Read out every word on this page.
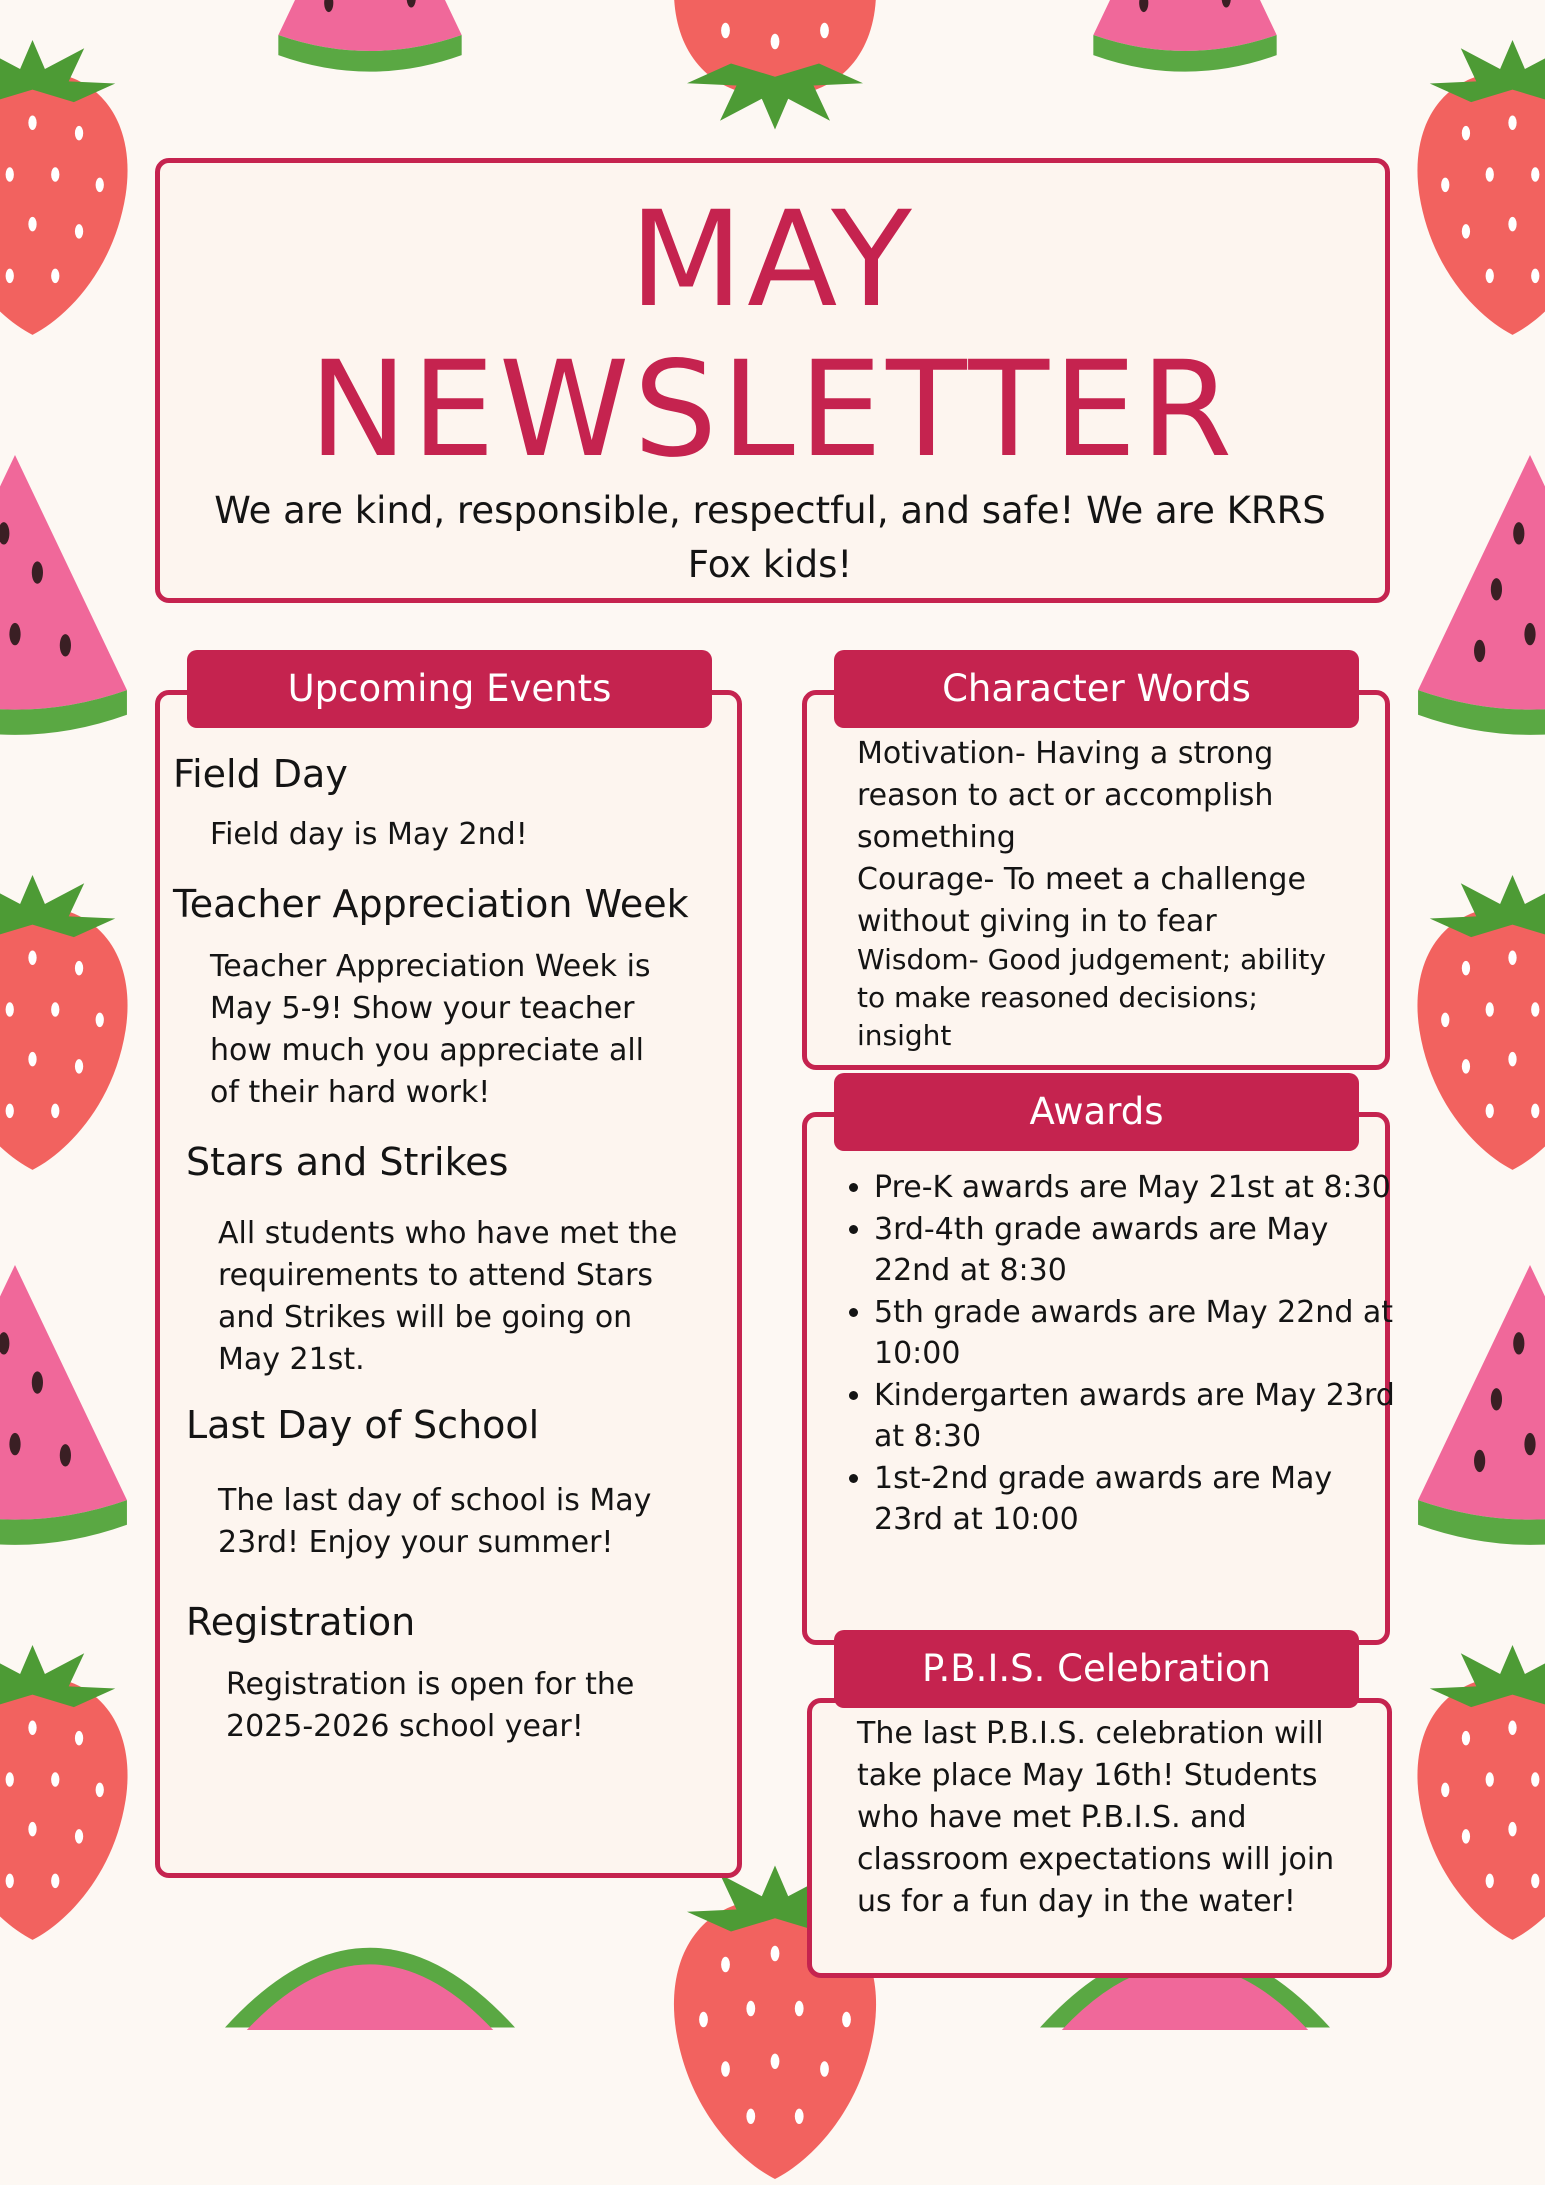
MAY
NEWSLETTER

We are kind, responsible, respectful, and safe! We are KRRS Fox kids!

Upcoming Events
Field Day

Field day is May 2nd!

Teacher Appreciation Week

Teacher Appreciation Week is May 5-9! Show your teacher how much you appreciate all of their hard work!

Stars and Strikes

All students who have met the requirements to attend Stars and Strikes will be going on May 21st.

Last Day of School

The last day of school is May 23rd! Enjoy your summer!

Registration

Registration is open for the 2025-2026 school year!

Character Words

Motivation- Having a strong reason to act or accomplish something

Courage- To meet a challenge without giving in to fear

Wisdom- Good judgement; ability to make reasoned decisions; insight

Awards
• Pre-K awards are May 21st at 8:30
• 3rd-4th grade awards are May 22nd at 8:30
• 5th grade awards are May 22nd at 10:00
• Kindergarten awards are May 23rd at 8:30
• 1st-2nd grade awards are May 23rd at 10:00
P.B.I.S. Celebration

The last P.B.I.S. celebration will take place May 16th! Students who have met P.B.I.S. and classroom expectations will join us for a fun day in the water!
